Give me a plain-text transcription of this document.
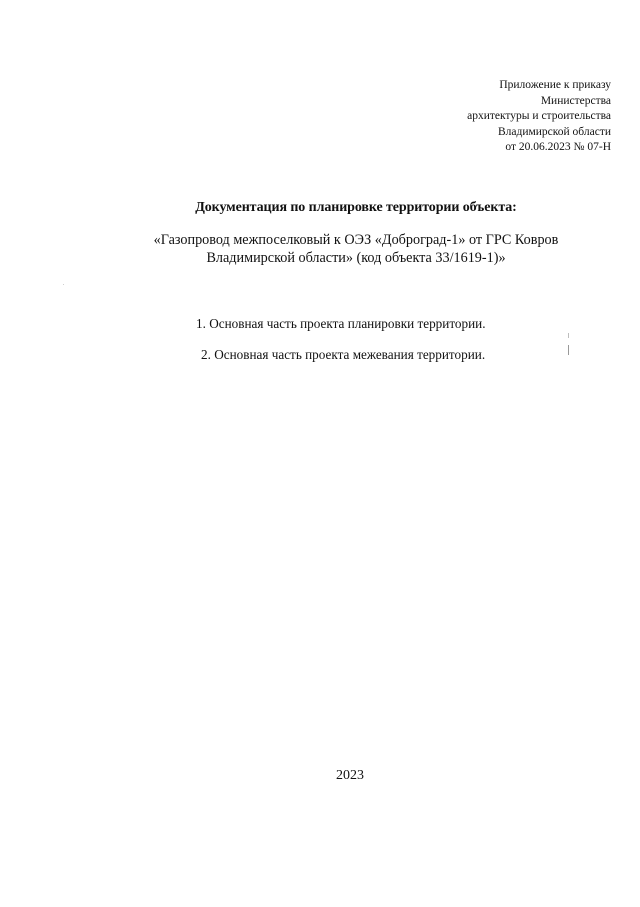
Приложение к приказу
Министерства
архитектуры и строительства
Владимирской области
от 20.06.2023 № 07-Н
Документация по планировке территории объекта:
«Газопровод межпоселковый к ОЭЗ «Доброград-1» от ГРС Ковров
Владимирской области» (код объекта 33/1619-1)»
1. Основная часть проекта планировки территории.
2. Основная часть проекта межевания территории.
2023
